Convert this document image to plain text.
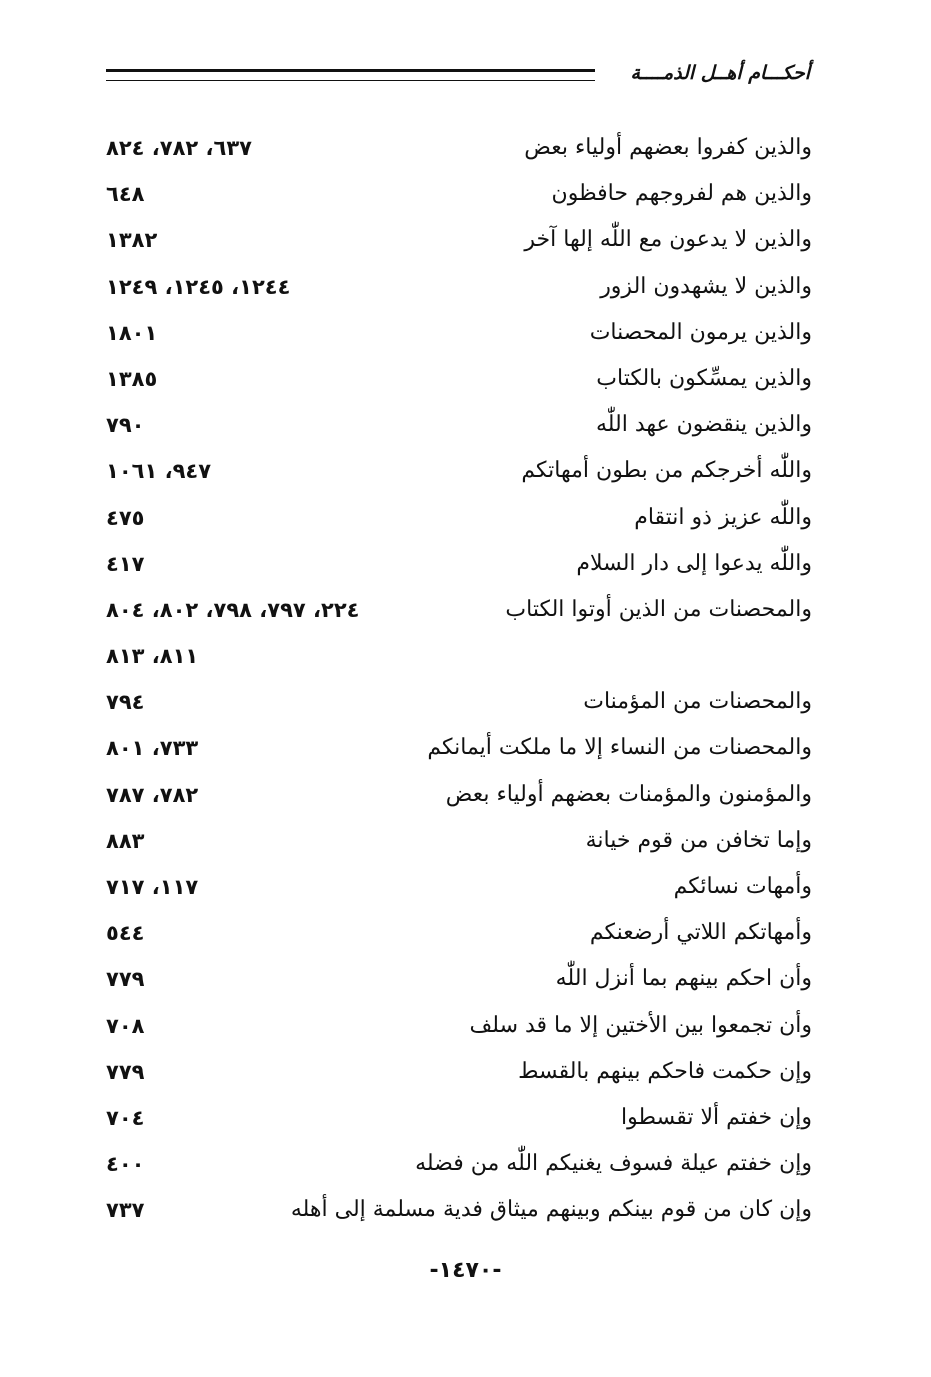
أحكـــام أهــل الذمــــة
والذين كفروا بعضهم أولياء بعض
٦٣٧، ٧٨٢، ٨٢٤
والذين هم لفروجهم حافظون
٦٤٨
والذين لا يدعون مع اللّٰه إلها آخر
١٣٨٢
والذين لا يشهدون الزور
١٢٤٤، ١٢٤٥، ١٢٤٩
والذين يرمون المحصنات
١٨٠١
والذين يمسِّكون بالكتاب
١٣٨٥
والذين ينقضون عهد اللّٰه
٧٩٠
واللّٰه أخرجكم من بطون أمهاتكم
٩٤٧، ١٠٦١
واللّٰه عزيز ذو انتقام
٤٧٥
واللّٰه يدعوا إلى دار السلام
٤١٧
والمحصنات من الذين أوتوا الكتاب
٢٢٤، ٧٩٧، ٧٩٨، ٨٠٢، ٨٠٤
٨١١، ٨١٣
والمحصنات من المؤمنات
٧٩٤
والمحصنات من النساء إلا ما ملكت أيمانكم
٧٣٣، ٨٠١
والمؤمنون والمؤمنات بعضهم أولياء بعض
٧٨٢، ٧٨٧
وإما تخافن من قوم خيانة
٨٨٣
وأمهات نسائكم
١١٧، ٧١٧
وأمهاتكم اللاتي أرضعنكم
٥٤٤
وأن احكم بينهم بما أنزل اللّٰه
٧٧٩
وأن تجمعوا بين الأختين إلا ما قد سلف
٧٠٨
وإن حكمت فاحكم بينهم بالقسط
٧٧٩
وإن خفتم ألا تقسطوا
٧٠٤
وإن خفتم عيلة فسوف يغنيكم اللّٰه من فضله
٤٠٠
وإن كان من قوم بينكم وبينهم ميثاق فدية مسلمة إلى أهله
٧٣٧
-١٤٧٠-
